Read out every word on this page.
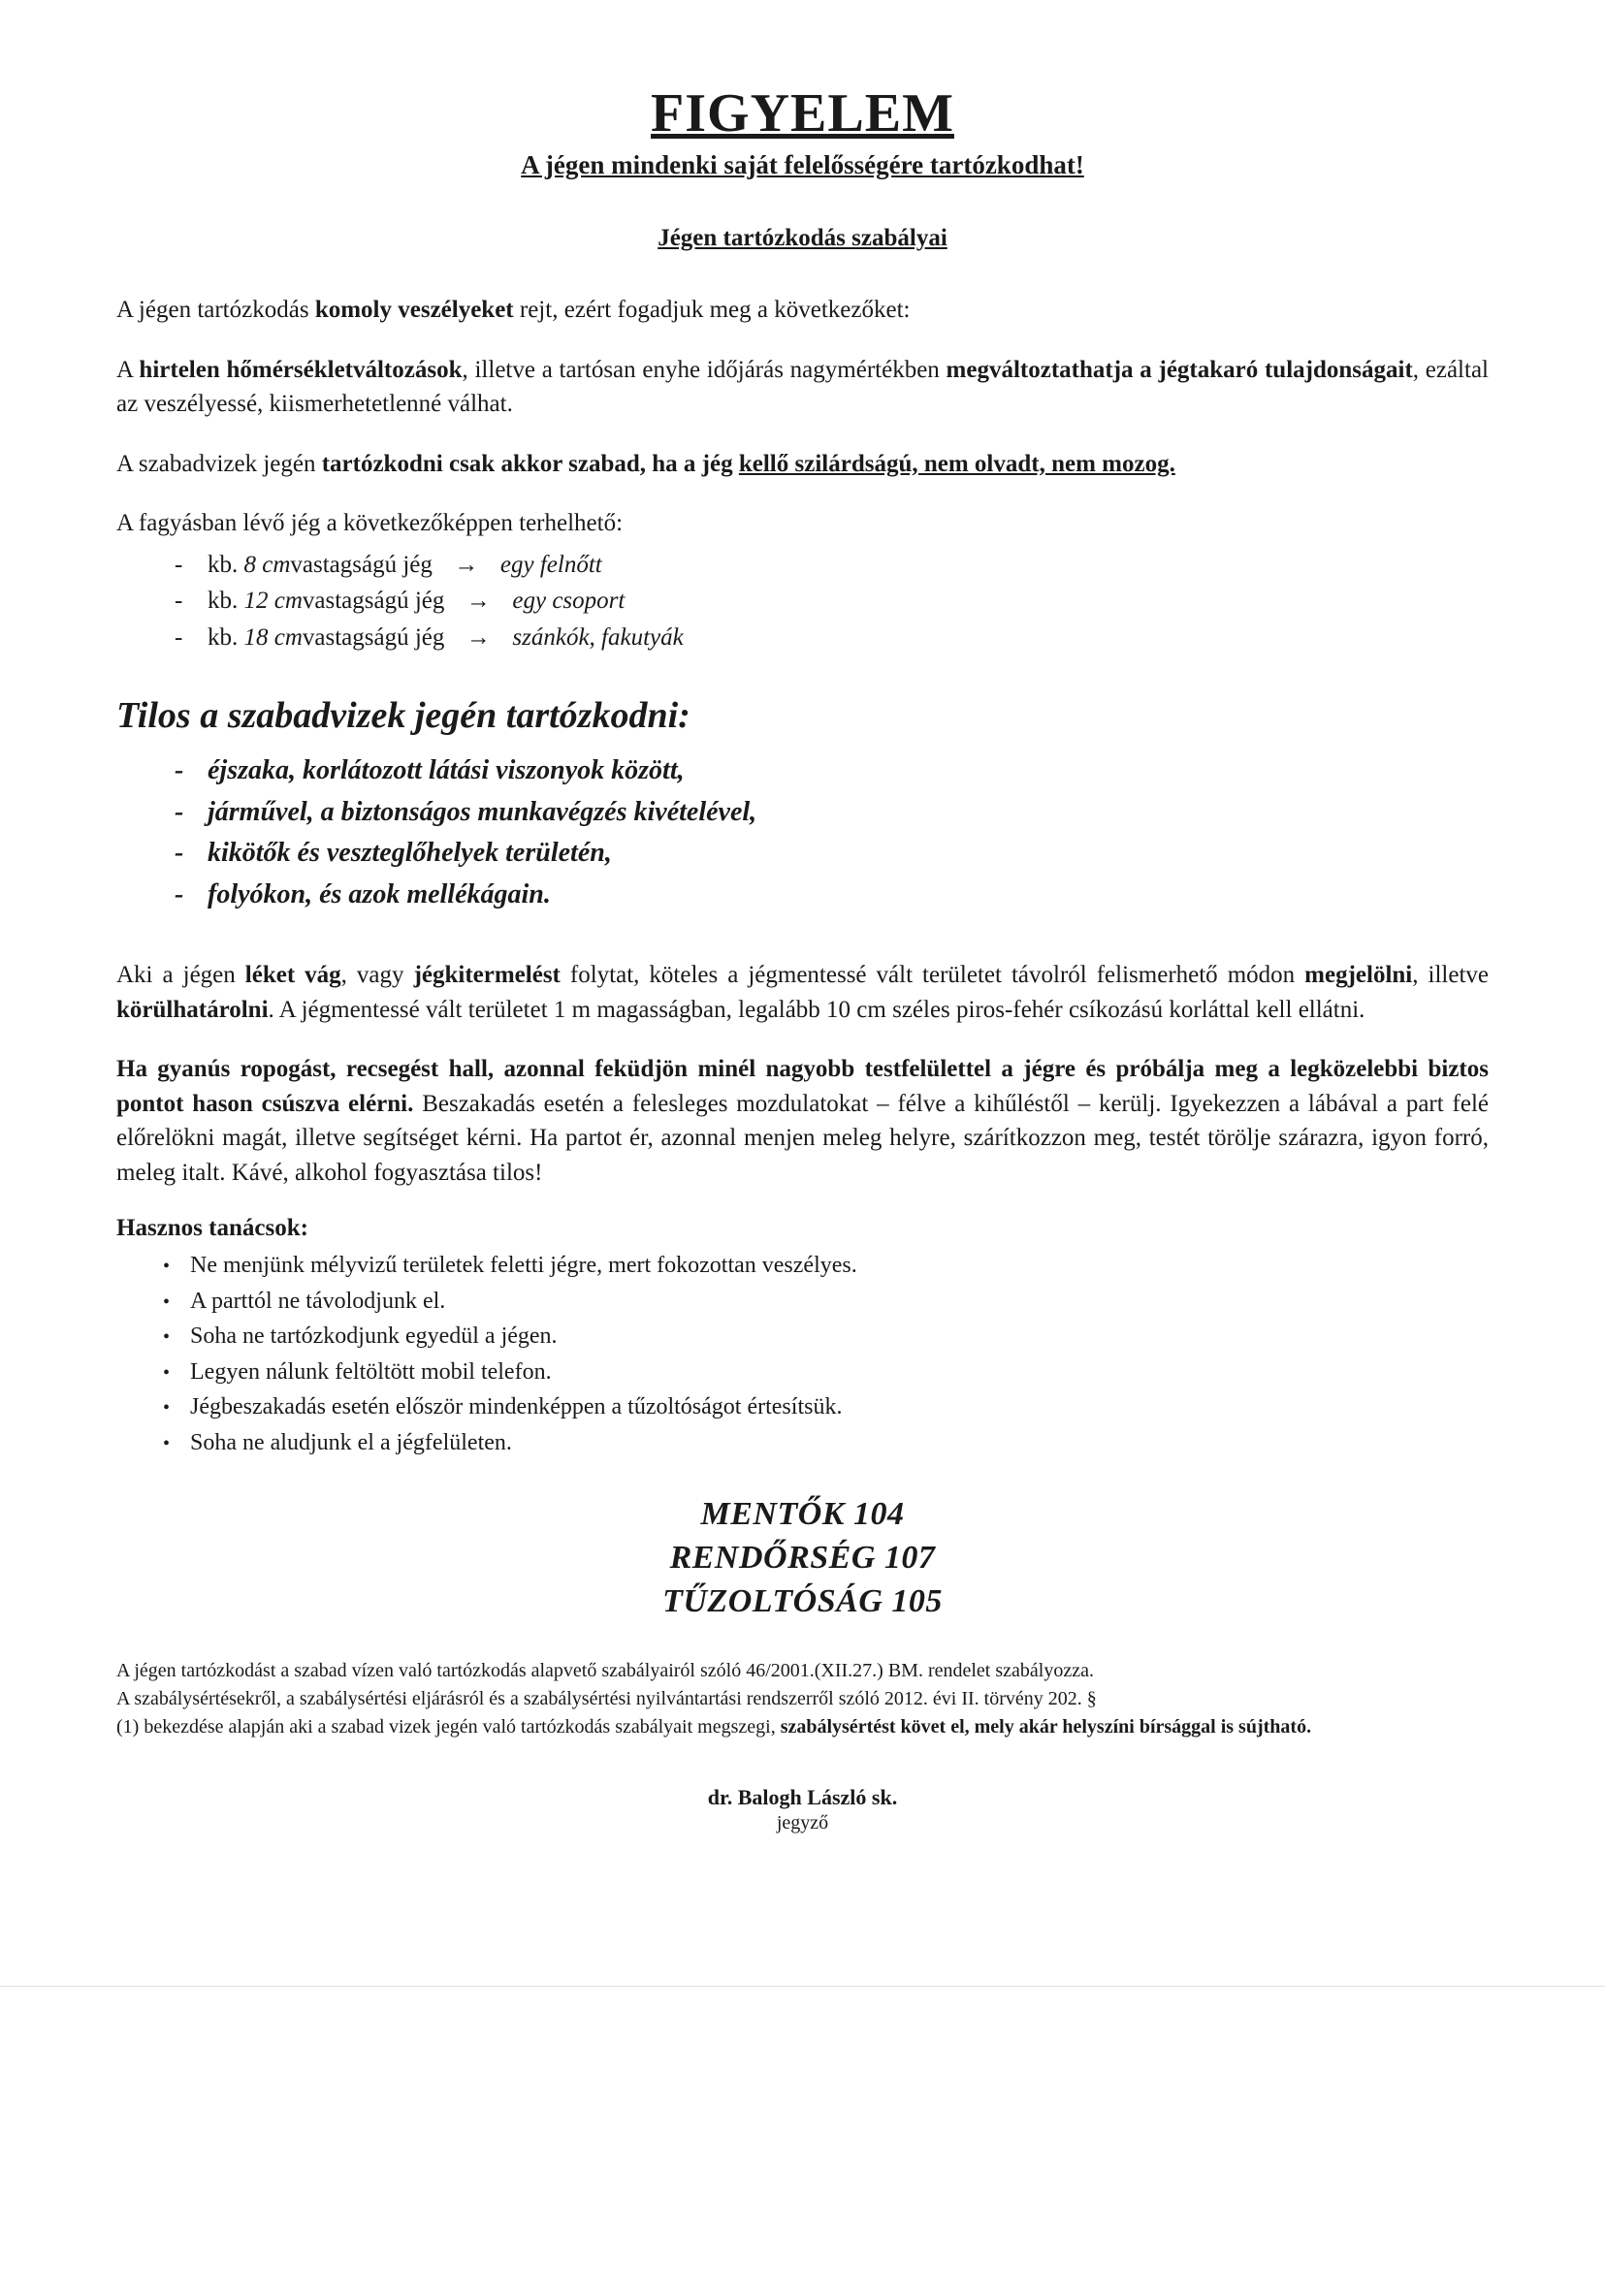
FIGYELEM
A jégen mindenki saját felelősségére tartózkodhat!
Jégen tartózkodás szabályai

A jégen tartózkodás komoly veszélyeket rejt, ezért fogadjuk meg a következőket:

A hirtelen hőmérsékletváltozások, illetve a tartósan enyhe időjárás nagymértékben megváltoztathatja a jégtakaró tulajdonságait, ezáltal az veszélyessé, kiismerhetetlenné válhat.

A szabadvizek jegén tartózkodni csak akkor szabad, ha a jég kellő szilárdságú, nem olvadt, nem mozog.

A fagyásban lévő jég a következőképpen terhelhető:

-	kb. 8 cm vastagságú jég → egy felnőtt
-	kb. 12 cm vastagságú jég → egy csoport
-	kb. 18 cm vastagságú jég → szánkók, fakutyák
Tilos a szabadvizek jegén tartózkodni:
- éjszaka, korlátozott látási viszonyok között,
- járművel, a biztonságos munkavégzés kivételével,
- kikötők és veszteglőhelyek területén,
- folyókon, és azok mellékágain.

Aki a jégen léket vág, vagy jégkitermelést folytat, köteles a jégmentessé vált területet távolról felismerhető módon megjelölni, illetve körülhatárolni. A jégmentessé vált területet 1 m magasságban, legalább 10 cm széles piros-fehér csíkozású korláttal kell ellátni.

Ha gyanús ropogást, recsegést hall, azonnal feküdjön minél nagyobb testfelülettel a jégre és próbálja meg a legközelebbi biztos pontot hason csúszva elérni. Beszakadás esetén a felesleges mozdulatokat – félve a kihűléstől – kerülj. Igyekezzen a lábával a part felé előrelökni magát, illetve segítséget kérni. Ha partot ér, azonnal menjen meleg helyre, szárítkozzon meg, testét törölje szárazra, igyon forró, meleg italt. Kávé, alkohol fogyasztása tilos!

Hasznos tanácsok:
• Ne menjünk mélyvizű területek feletti jégre, mert fokozottan veszélyes.
• A parttól ne távolodjunk el.
• Soha ne tartózkodjunk egyedül a jégen.
• Legyen nálunk feltöltött mobil telefon.
• Jégbeszakadás esetén először mindenképpen a tűzoltóságot értesítsük.
• Soha ne aludjunk el a jégfelületen.
MENTŐK 104
RENDŐRSÉG 107
TŰZOLTÓSÁG 105
A jégen tartózkodást a szabad vízen való tartózkodás alapvető szabályairól szóló 46/2001.(XII.27.) BM. rendelet szabályozza.
A szabálysértésekről, a szabálysértési eljárásról és a szabálysértési nyilvántartási rendszerről szóló 2012. évi II. törvény 202. §
(1) bekezdése alapján aki a szabad vizek jegén való tartózkodás szabályait megszegi, szabálysértést követ el, mely akár helyszíni bírsággal is sújtható.
dr. Balogh László sk.
jegyző
